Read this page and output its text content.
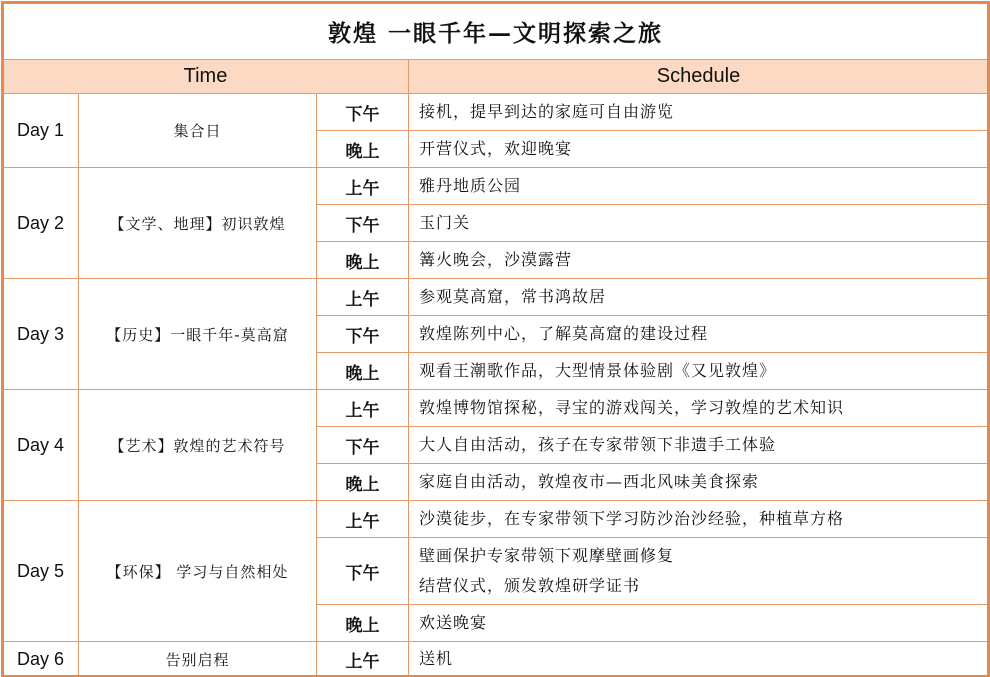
敦煌 一眼千年—文明探索之旅			
Time			Schedule
Day 1	集合日	下午	接机，提早到达的家庭可自由游览

		晚上	开营仪式，欢迎晚宴

Day 2	【文学、地理】初识敦煌	上午	雅丹地质公园

		下午	玉门关

		晚上	篝火晚会，沙漠露营

Day 3	【历史】一眼千年-莫高窟	上午	参观莫高窟，常书鸿故居

		下午	敦煌陈列中心，了解莫高窟的建设过程

		晚上	观看王潮歌作品，大型情景体验剧《又见敦煌》

Day 4	【艺术】敦煌的艺术符号	上午	敦煌博物馆探秘，寻宝的游戏闯关，学习敦煌的艺术知识

		下午	大人自由活动，孩子在专家带领下非遗手工体验

		晚上	家庭自由活动，敦煌夜市—西北风味美食探索

Day 5	【环保】 学习与自然相处	上午	沙漠徒步，在专家带领下学习防沙治沙经验，种植草方格

		下午	壁画保护专家带领下观摩壁画修复
结营仪式，颁发敦煌研学证书

		晚上	欢送晚宴

Day 6	告别启程	上午	送机
